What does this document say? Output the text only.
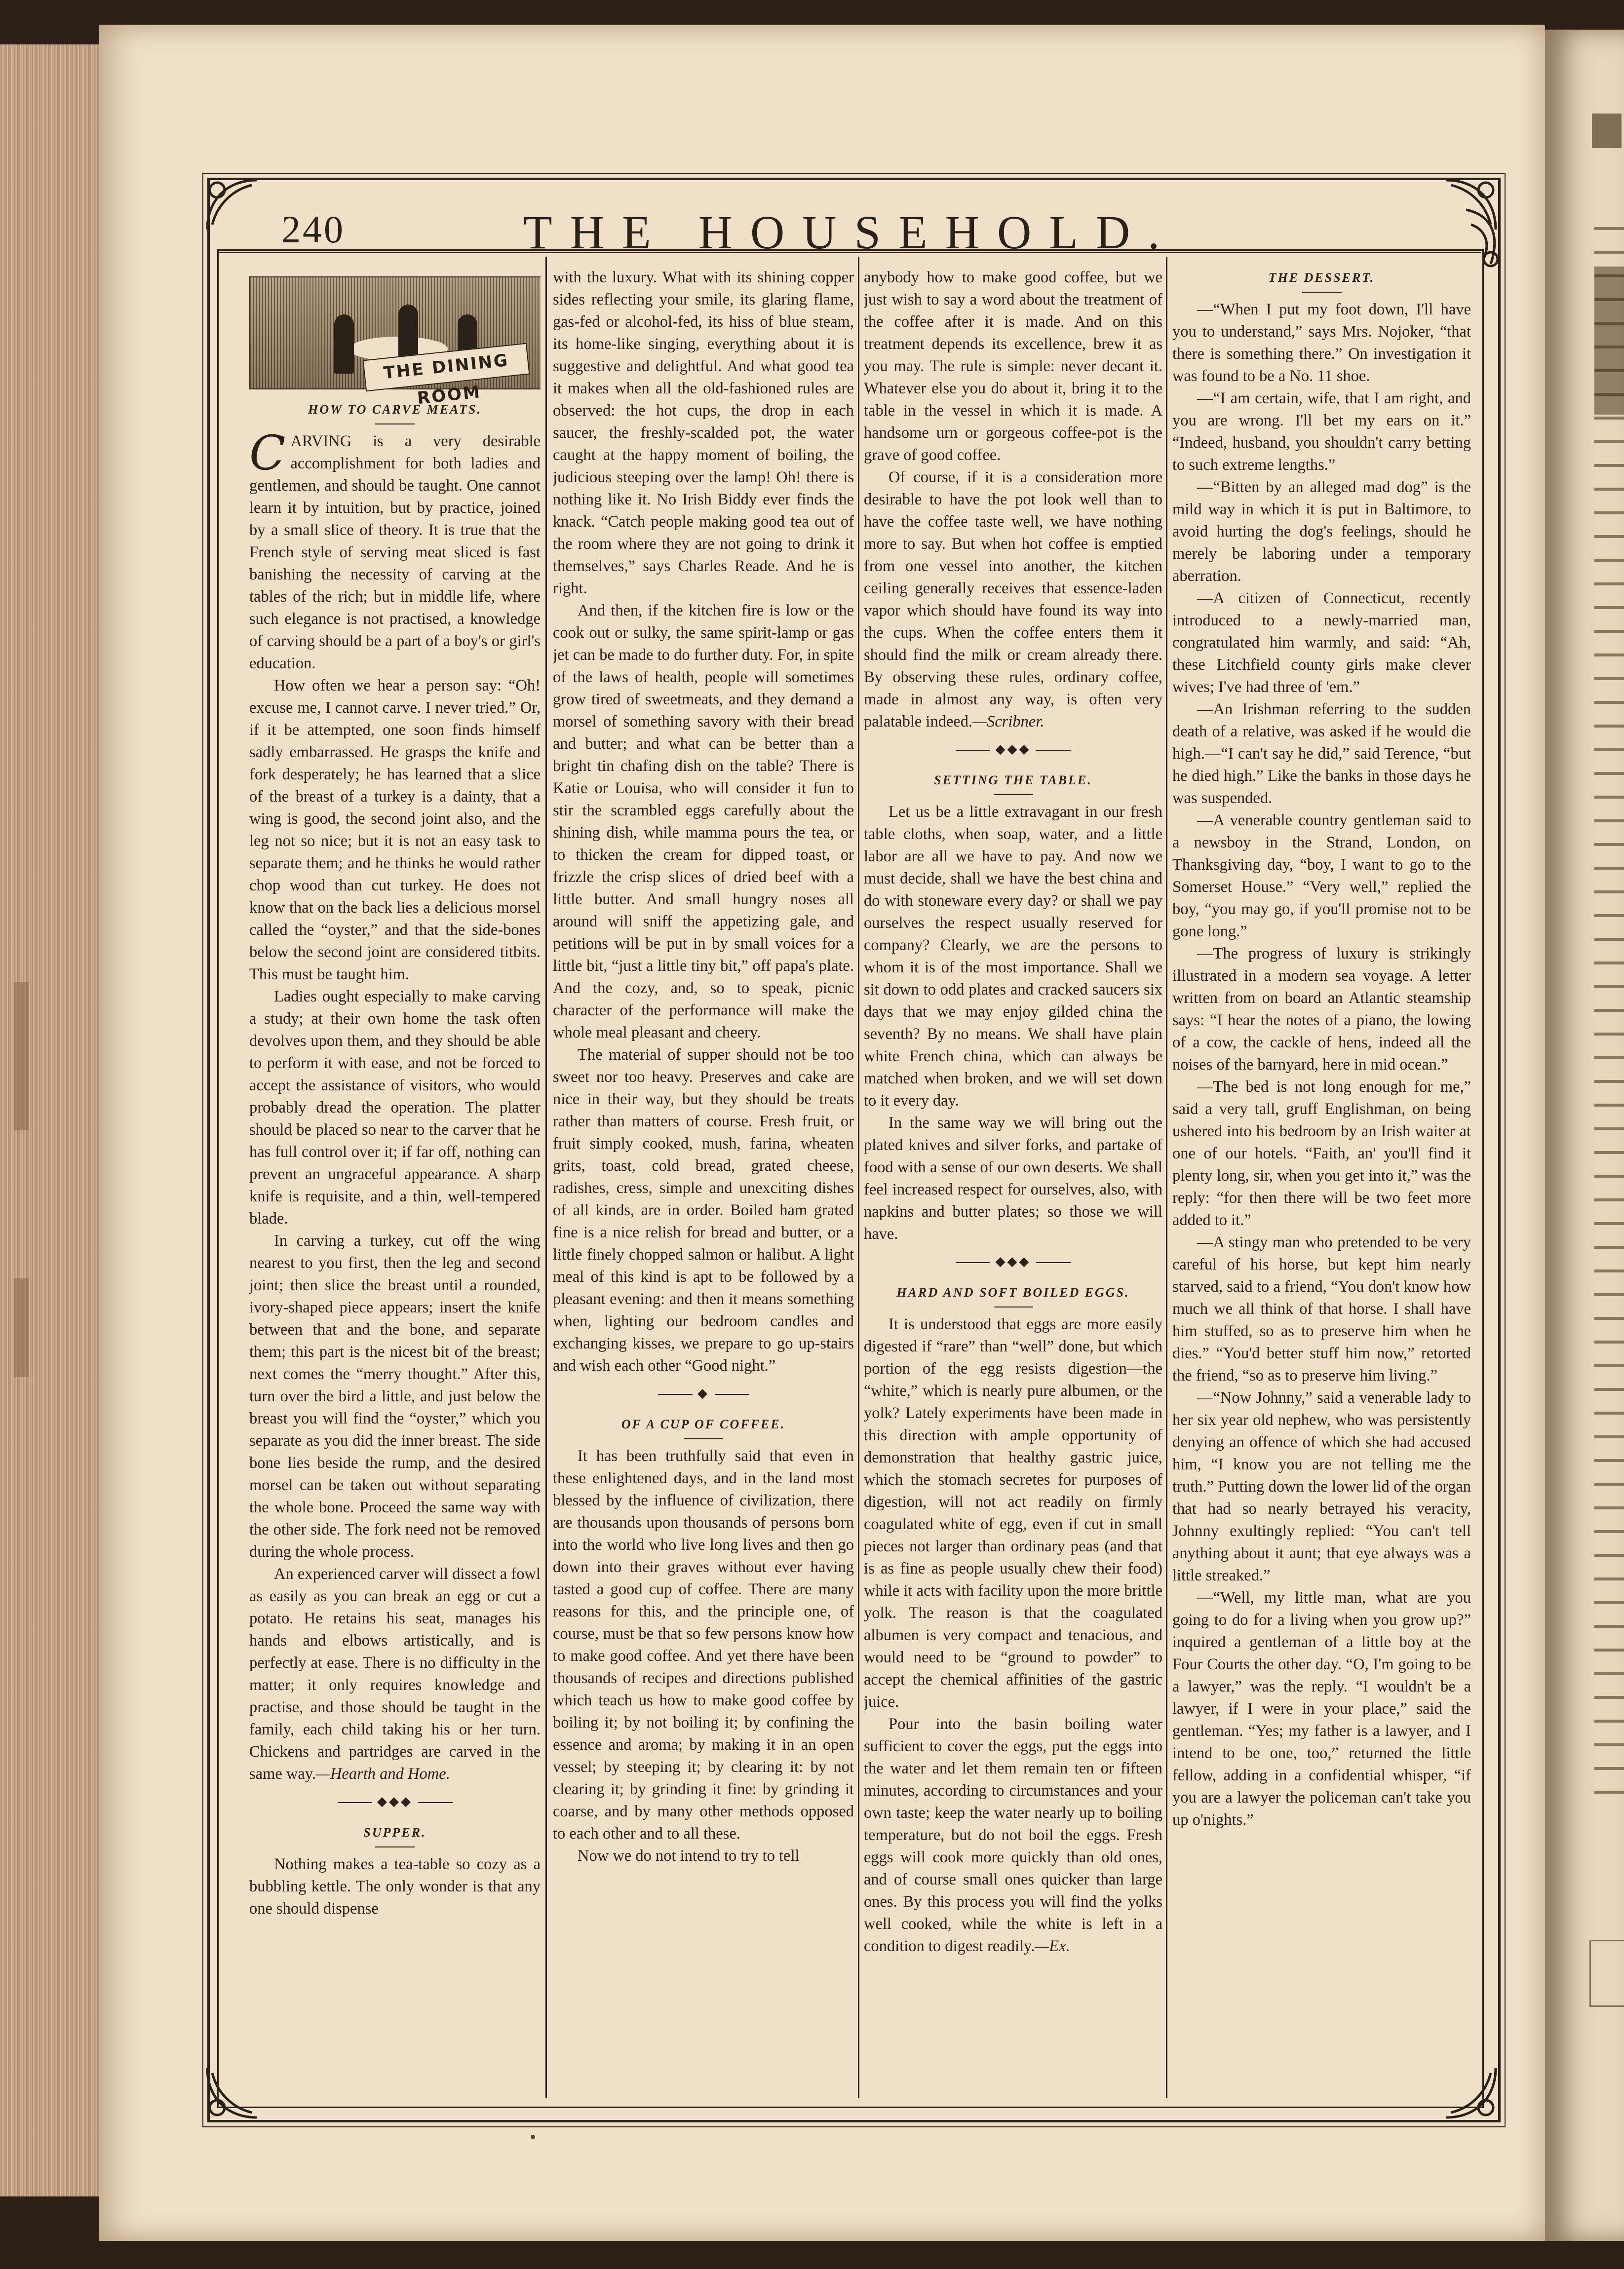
240	THE HOUSEHOLD.
THE DINING ROOM
HOW TO CARVE MEATS.

CARVING is a very desirable accomplishment for both ladies and gentlemen, and should be taught. One cannot learn it by intuition, but by practice, joined by a small slice of theory. It is true that the French style of serving meat sliced is fast banishing the necessity of carving at the tables of the rich; but in middle life, where such elegance is not practised, a knowledge of carving should be a part of a boy's or girl's education.

How often we hear a person say: “Oh! excuse me, I cannot carve. I never tried.” Or, if it be attempted, one soon finds himself sadly embarrassed. He grasps the knife and fork desperately; he has learned that a slice of the breast of a turkey is a dainty, that a wing is good, the second joint also, and the leg not so nice; but it is not an easy task to separate them; and he thinks he would rather chop wood than cut turkey. He does not know that on the back lies a delicious morsel called the “oyster,” and that the side-bones below the second joint are considered titbits. This must be taught him.

Ladies ought especially to make carving a study; at their own home the task often devolves upon them, and they should be able to perform it with ease, and not be forced to accept the assistance of visitors, who would probably dread the operation. The platter should be placed so near to the carver that he has full control over it; if far off, nothing can prevent an ungraceful appearance. A sharp knife is requisite, and a thin, well-tempered blade.

In carving a turkey, cut off the wing nearest to you first, then the leg and second joint; then slice the breast until a rounded, ivory-shaped piece appears; insert the knife between that and the bone, and separate them; this part is the nicest bit of the breast; next comes the “merry thought.” After this, turn over the bird a little, and just below the breast you will find the “oyster,” which you separate as you did the inner breast. The side bone lies beside the rump, and the desired morsel can be taken out without separating the whole bone. Proceed the same way with the other side. The fork need not be removed during the whole process.

An experienced carver will dissect a fowl as easily as you can break an egg or cut a potato. He retains his seat, manages his hands and elbows artistically, and is perfectly at ease. There is no difficulty in the matter; it only requires knowledge and practise, and those should be taught in the family, each child taking his or her turn. Chickens and partridges are carved in the same way.—Hearth and Home.

◆◆◆
SUPPER.

Nothing makes a tea-table so cozy as a bubbling kettle. The only wonder is that any one should dispense

with the luxury. What with its shining copper sides reflecting your smile, its glaring flame, gas-fed or alcohol-fed, its hiss of blue steam, its home-like singing, everything about it is suggestive and delightful. And what good tea it makes when all the old-fashioned rules are observed: the hot cups, the drop in each saucer, the freshly-scalded pot, the water caught at the happy moment of boiling, the judicious steeping over the lamp! Oh! there is nothing like it. No Irish Biddy ever finds the knack. “Catch people making good tea out of the room where they are not going to drink it themselves,” says Charles Reade. And he is right.

And then, if the kitchen fire is low or the cook out or sulky, the same spirit-lamp or gas jet can be made to do further duty. For, in spite of the laws of health, people will sometimes grow tired of sweetmeats, and they demand a morsel of something savory with their bread and butter; and what can be better than a bright tin chafing dish on the table? There is Katie or Louisa, who will consider it fun to stir the scrambled eggs carefully about the shining dish, while mamma pours the tea, or to thicken the cream for dipped toast, or frizzle the crisp slices of dried beef with a little butter. And small hungry noses all around will sniff the appetizing gale, and petitions will be put in by small voices for a little bit, “just a little tiny bit,” off papa's plate. And the cozy, and, so to speak, picnic character of the performance will make the whole meal pleasant and cheery.

The material of supper should not be too sweet nor too heavy. Preserves and cake are nice in their way, but they should be treats rather than matters of course. Fresh fruit, or fruit simply cooked, mush, farina, wheaten grits, toast, cold bread, grated cheese, radishes, cress, simple and unexciting dishes of all kinds, are in order. Boiled ham grated fine is a nice relish for bread and butter, or a little finely chopped salmon or halibut. A light meal of this kind is apt to be followed by a pleasant evening: and then it means something when, lighting our bedroom candles and exchanging kisses, we prepare to go up-stairs and wish each other “Good night.”

◆
OF A CUP OF COFFEE.

It has been truthfully said that even in these enlightened days, and in the land most blessed by the influence of civilization, there are thousands upon thousands of persons born into the world who live long lives and then go down into their graves without ever having tasted a good cup of coffee. There are many reasons for this, and the principle one, of course, must be that so few persons know how to make good coffee. And yet there have been thousands of recipes and directions published which teach us how to make good coffee by boiling it; by not boiling it; by confining the essence and aroma; by making it in an open vessel; by steeping it; by clearing it: by not clearing it; by grinding it fine: by grinding it coarse, and by many other methods opposed to each other and to all these.

Now we do not intend to try to tell

anybody how to make good coffee, but we just wish to say a word about the treatment of the coffee after it is made. And on this treatment depends its excellence, brew it as you may. The rule is simple: never decant it. Whatever else you do about it, bring it to the table in the vessel in which it is made. A handsome urn or gorgeous coffee-pot is the grave of good coffee.

Of course, if it is a consideration more desirable to have the pot look well than to have the coffee taste well, we have nothing more to say. But when hot coffee is emptied from one vessel into another, the kitchen ceiling generally receives that essence-laden vapor which should have found its way into the cups. When the coffee enters them it should find the milk or cream already there. By observing these rules, ordinary coffee, made in almost any way, is often very palatable indeed.—Scribner.

◆◆◆
SETTING THE TABLE.

Let us be a little extravagant in our fresh table cloths, when soap, water, and a little labor are all we have to pay. And now we must decide, shall we have the best china and do with stoneware every day? or shall we pay ourselves the respect usually reserved for company? Clearly, we are the persons to whom it is of the most importance. Shall we sit down to odd plates and cracked saucers six days that we may enjoy gilded china the seventh? By no means. We shall have plain white French china, which can always be matched when broken, and we will set down to it every day.

In the same way we will bring out the plated knives and silver forks, and partake of food with a sense of our own deserts. We shall feel increased respect for ourselves, also, with napkins and butter plates; so those we will have.

◆◆◆
HARD AND SOFT BOILED EGGS.

It is understood that eggs are more easily digested if “rare” than “well” done, but which portion of the egg resists digestion—the “white,” which is nearly pure albumen, or the yolk? Lately experiments have been made in this direction with ample opportunity of demonstration that healthy gastric juice, which the stomach secretes for purposes of digestion, will not act readily on firmly coagulated white of egg, even if cut in small pieces not larger than ordinary peas (and that is as fine as people usually chew their food) while it acts with facility upon the more brittle yolk. The reason is that the coagulated albumen is very compact and tenacious, and would need to be “ground to powder” to accept the chemical affinities of the gastric juice.

Pour into the basin boiling water sufficient to cover the eggs, put the eggs into the water and let them remain ten or fifteen minutes, according to circumstances and your own taste; keep the water nearly up to boiling temperature, but do not boil the eggs. Fresh eggs will cook more quickly than old ones, and of course small ones quicker than large ones. By this process you will find the yolks well cooked, while the white is left in a condition to digest readily.—Ex.

THE DESSERT.

—“When I put my foot down, I'll have you to understand,” says Mrs. Nojoker, “that there is something there.” On investigation it was found to be a No. 11 shoe.

—“I am certain, wife, that I am right, and you are wrong. I'll bet my ears on it.” “Indeed, husband, you shouldn't carry betting to such extreme lengths.”

—“Bitten by an alleged mad dog” is the mild way in which it is put in Baltimore, to avoid hurting the dog's feelings, should he merely be laboring under a temporary aberration.

—A citizen of Connecticut, recently introduced to a newly-married man, congratulated him warmly, and said: “Ah, these Litchfield county girls make clever wives; I've had three of 'em.”

—An Irishman referring to the sudden death of a relative, was asked if he would die high.—“I can't say he did,” said Terence, “but he died high.” Like the banks in those days he was suspended.

—A venerable country gentleman said to a newsboy in the Strand, London, on Thanksgiving day, “boy, I want to go to the Somerset House.” “Very well,” replied the boy, “you may go, if you'll promise not to be gone long.”

—The progress of luxury is strikingly illustrated in a modern sea voyage. A letter written from on board an Atlantic steamship says: “I hear the notes of a piano, the lowing of a cow, the cackle of hens, indeed all the noises of the barnyard, here in mid ocean.”

—The bed is not long enough for me,” said a very tall, gruff Englishman, on being ushered into his bedroom by an Irish waiter at one of our hotels. “Faith, an' you'll find it plenty long, sir, when you get into it,” was the reply: “for then there will be two feet more added to it.”

—A stingy man who pretended to be very careful of his horse, but kept him nearly starved, said to a friend, “You don't know how much we all think of that horse. I shall have him stuffed, so as to preserve him when he dies.” “You'd better stuff him now,” retorted the friend, “so as to preserve him living.”

—“Now Johnny,” said a venerable lady to her six year old nephew, who was persistently denying an offence of which she had accused him, “I know you are not telling me the truth.” Putting down the lower lid of the organ that had so nearly betrayed his veracity, Johnny exultingly replied: “You can't tell anything about it aunt; that eye always was a little streaked.”

—“Well, my little man, what are you going to do for a living when you grow up?” inquired a gentleman of a little boy at the Four Courts the other day. “O, I'm going to be a lawyer,” was the reply. “I wouldn't be a lawyer, if I were in your place,” said the gentleman. “Yes; my father is a lawyer, and I intend to be one, too,” returned the little fellow, adding in a confidential whisper, “if you are a lawyer the policeman can't take you up o'nights.”
